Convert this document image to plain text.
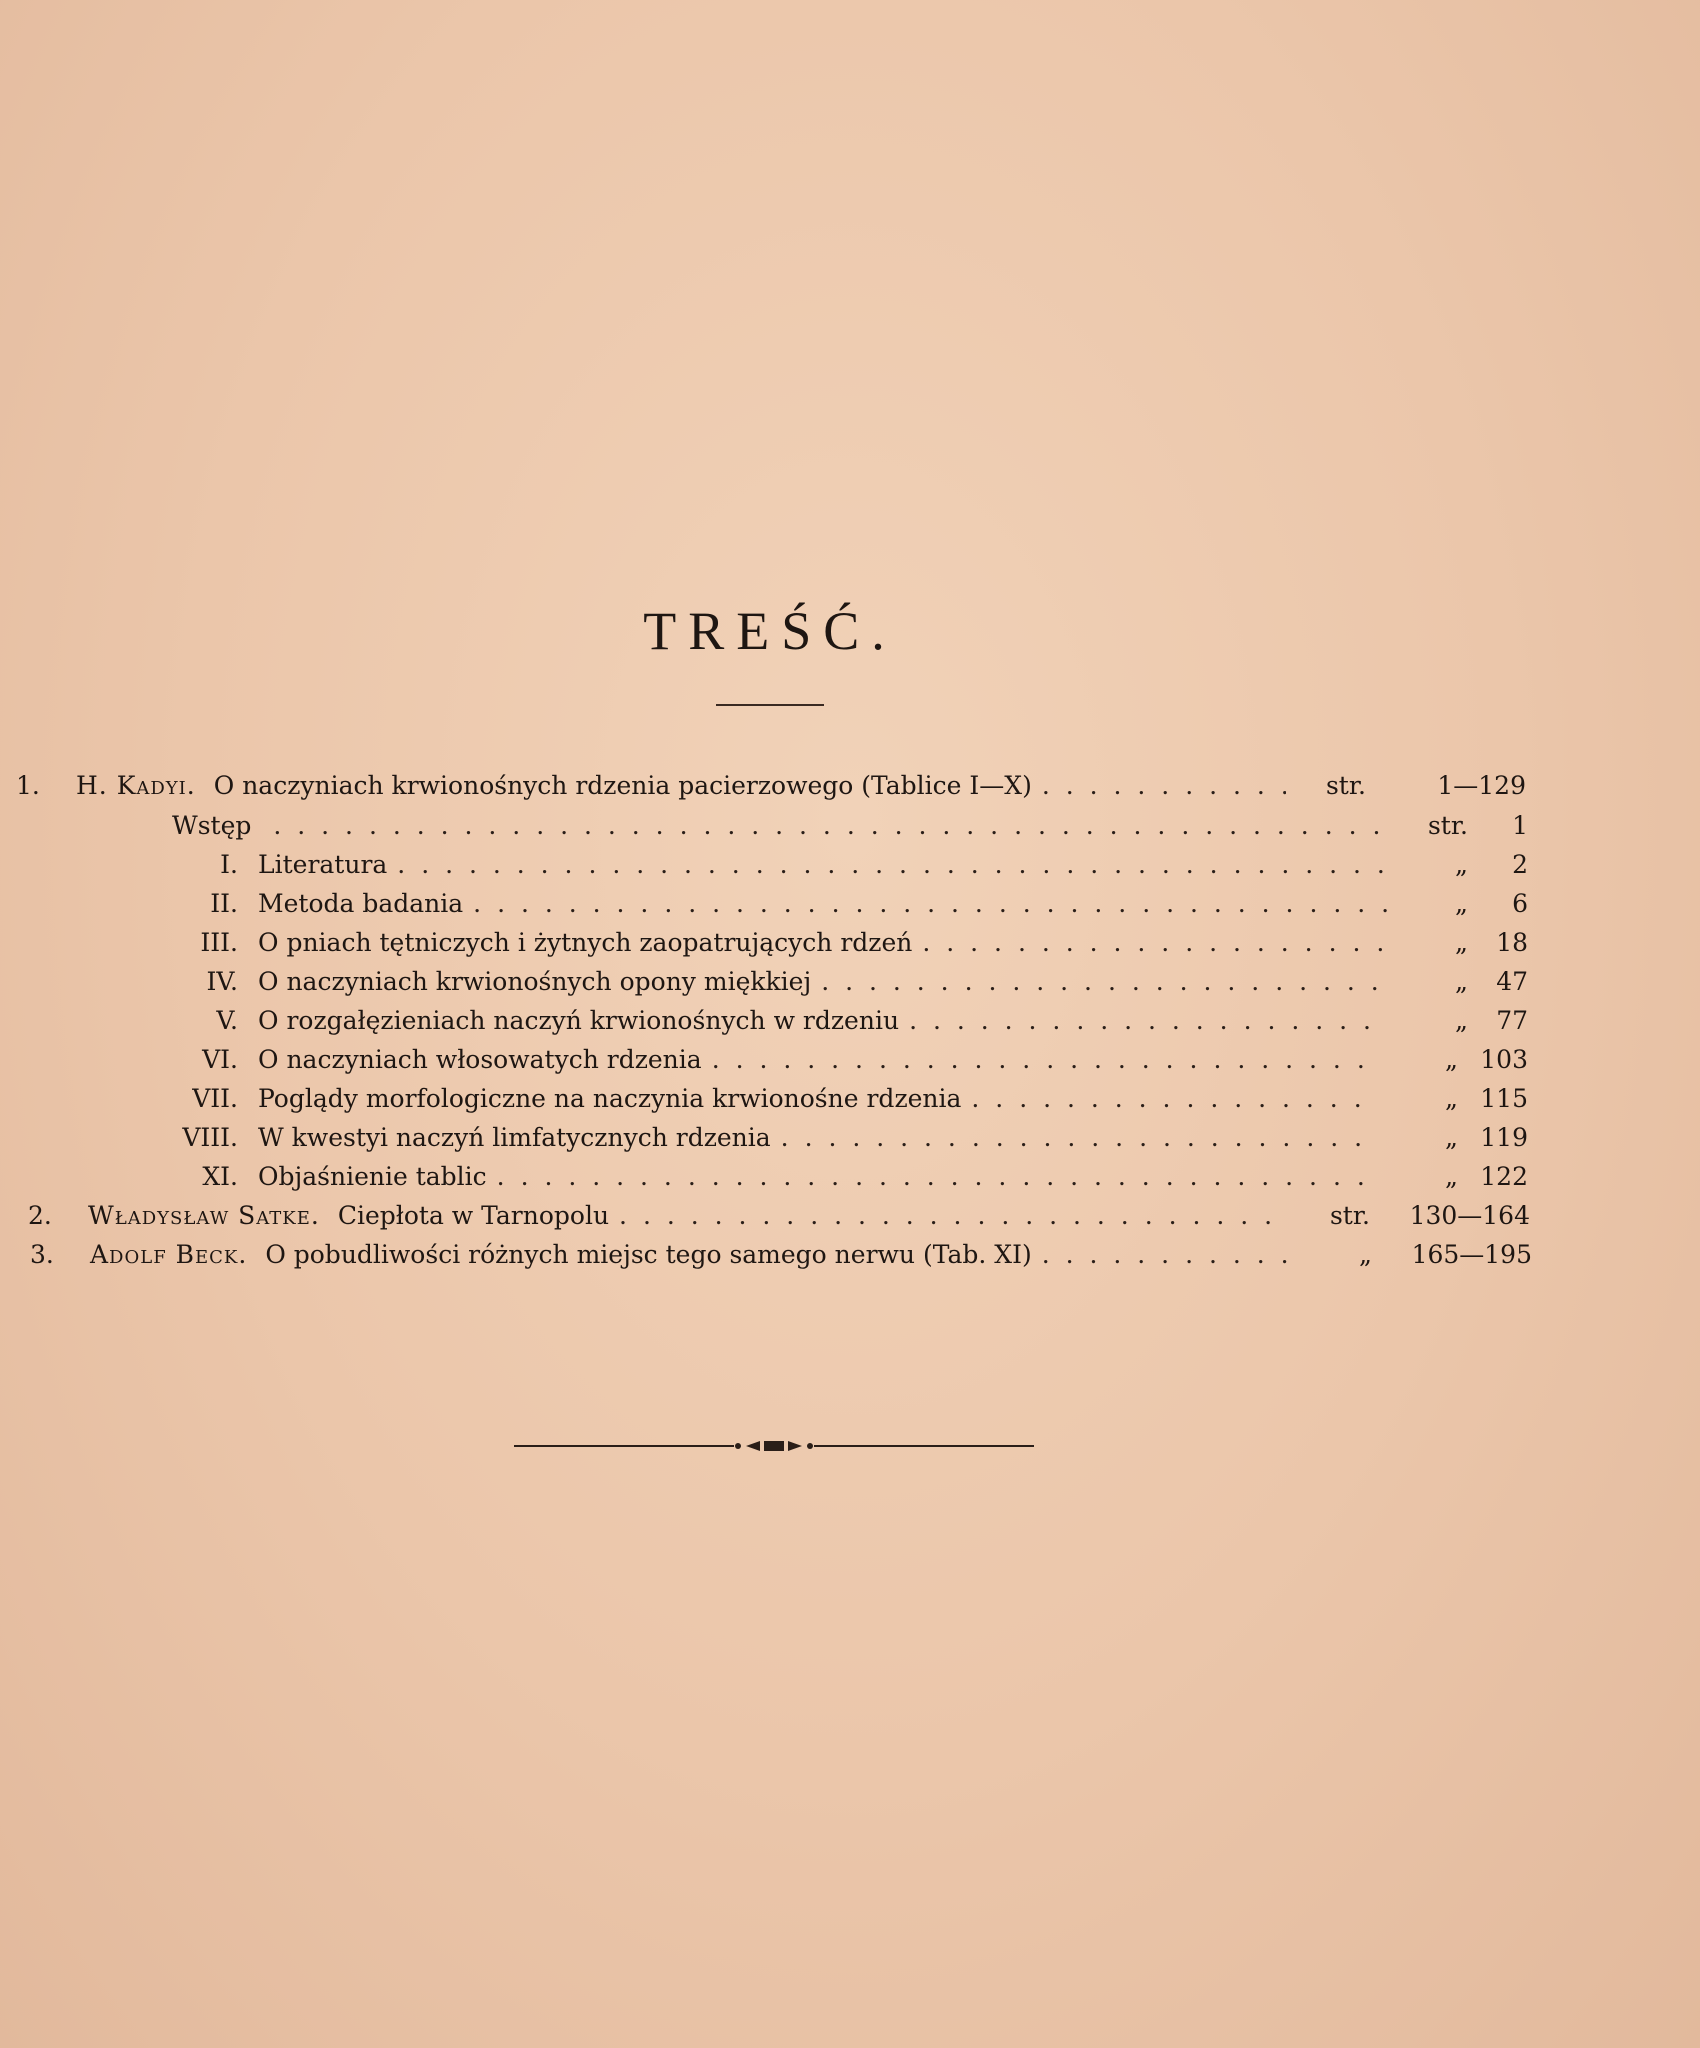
TREŚĆ.
1.	H. Kadyi. O naczyniach krwionośnych rdzenia pacierzowego (Tablice I—X) . . .	str.	1—129
Wstęp . . .	str.	1
I. Literatura . . .	„	2
II. Metoda badania . . .	„	6
III. O pniach tętniczych i żytnych zaopatrujących rdzeń . . .	„	18
IV. O naczyniach krwionośnych opony miękkiej . . .	„	47
V. O rozgałęzieniach naczyń krwionośnych w rdzeniu . . .	„	77
VI. O naczyniach włosowatych rdzenia . . .	„ 103
VII. Poglądy morfologiczne na naczynia krwionośne rdzenia . . .	„ 115
VIII. W kwestyi naczyń limfatycznych rdzenia . . .	„ 119
XI. Objaśnienie tablic . . .	„ 122
2.	Władysław Satke. Ciepłota w Tarnopolu . . .	str.	130—164
3.	Adolf Beck. O pobudliwości różnych miejsc tego samego nerwu (Tab. XI) . . .	„	165—195
